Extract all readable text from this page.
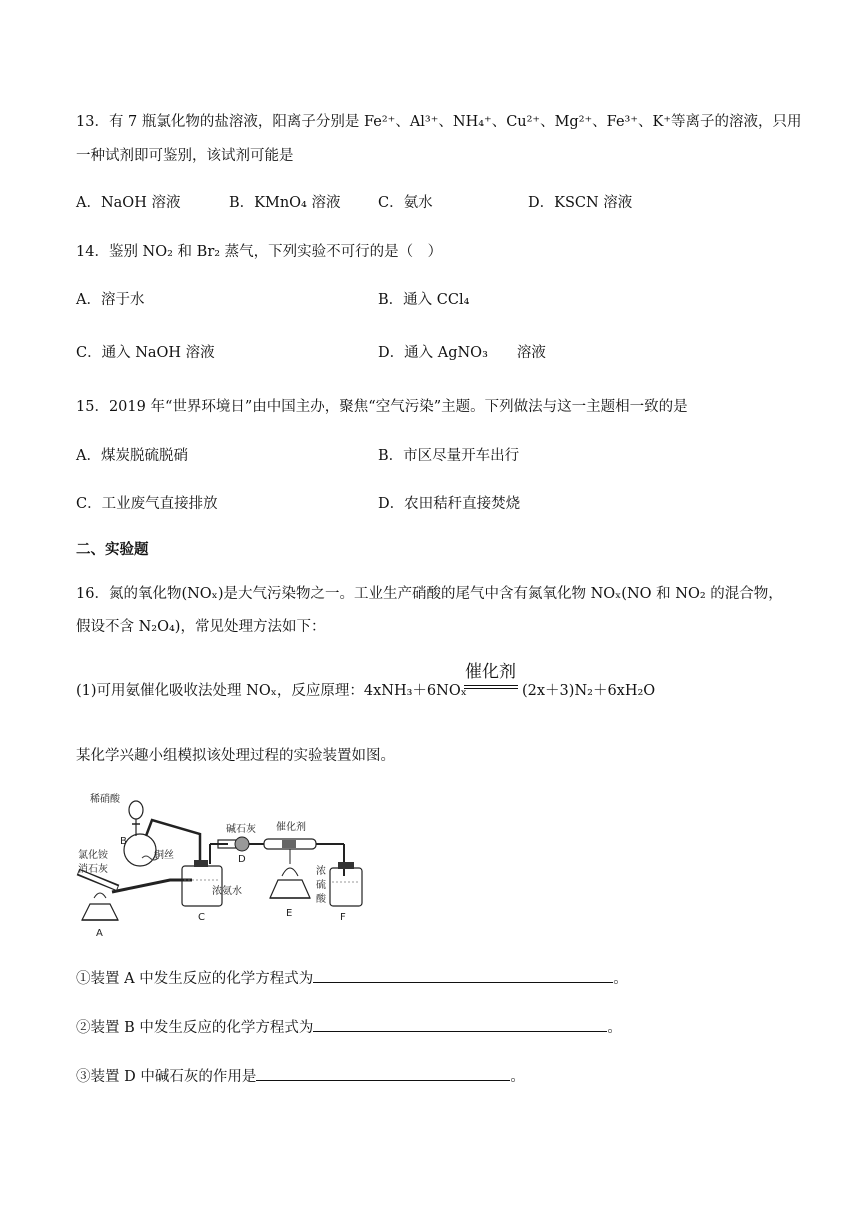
13．有 7 瓶氯化物的盐溶液，阳离子分别是 Fe²⁺、Al³⁺、NH₄⁺、Cu²⁺、Mg²⁺、Fe³⁺、K⁺等离子的溶液，只用
一种试剂即可鉴别，该试剂可能是
A．NaOH 溶液	B．KMnO₄ 溶液	C．氨水	D．KSCN 溶液
14．鉴别 NO₂ 和 Br₂ 蒸气，下列实验不可行的是（　）
A．溶于水	B．通入 CCl₄
C．通入 NaOH 溶液	D．通入 AgNO₃　　溶液
15．2019 年“世界环境日”由中国主办，聚焦“空气污染”主题。下列做法与这一主题相一致的是
A．煤炭脱硫脱硝	B．市区尽量开车出行
C．工业废气直接排放	D．农田秸秆直接焚烧
二、实验题
16．氮的氧化物(NOₓ)是大气污染物之一。工业生产硝酸的尾气中含有氮氧化物 NOₓ(NO 和 NO₂ 的混合物，
假设不含 N₂O₄)，常见处理方法如下：
(1)可用氨催化吸收法处理 NOₓ，反应原理：4xNH₃＋6NOₓ
催化剂
(2x＋3)N₂＋6xH₂O
某化学兴趣小组模拟该处理过程的实验装置如图。
稀硝酸
B
铜丝
氯化铵
消石灰
A
C
浓氨水
碱石灰
D
催化剂
E
浓
硫
酸
F
①装置 A 中发生反应的化学方程式为	。
②装置 B 中发生反应的化学方程式为	。
③装置 D 中碱石灰的作用是	。
